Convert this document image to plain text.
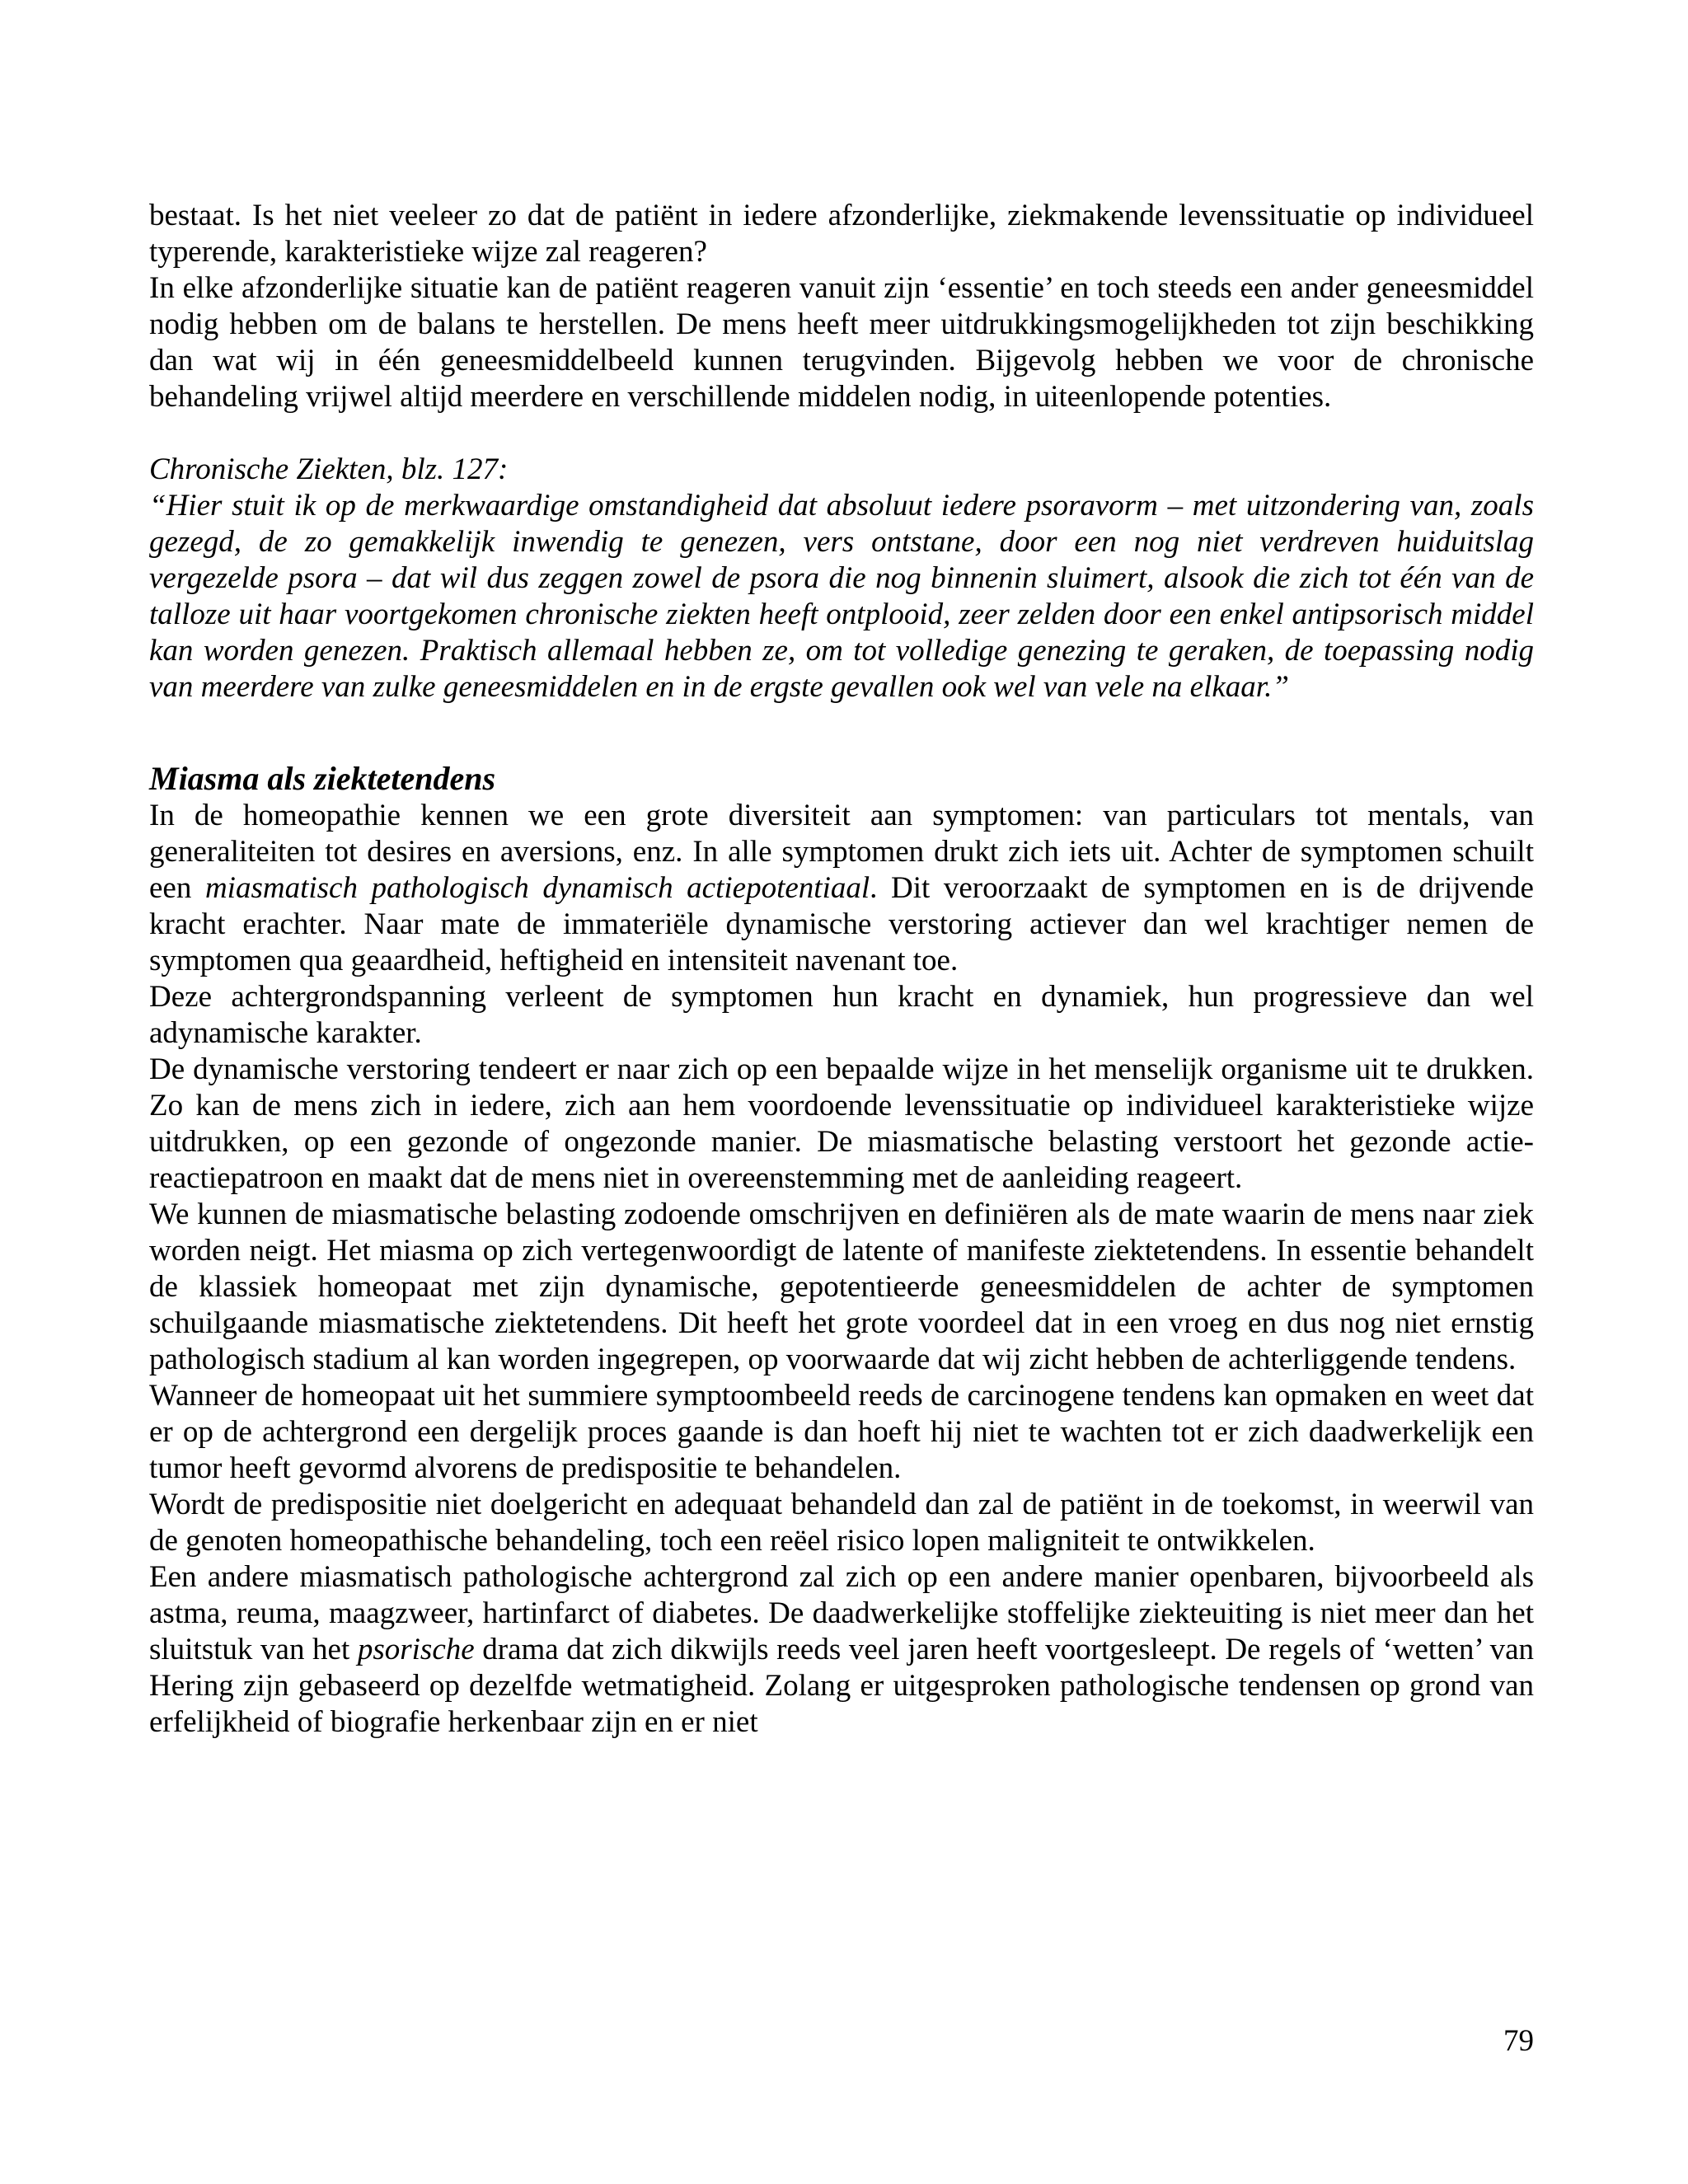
bestaat. Is het niet veeleer zo dat de patiënt in iedere afzonderlijke, ziekmakende levenssituatie op individueel typerende, karakteristieke wijze zal reageren?

In elke afzonderlijke situatie kan de patiënt reageren vanuit zijn ‘essentie’ en toch steeds een ander geneesmiddel nodig hebben om de balans te herstellen. De mens heeft meer uitdrukkingsmogelijkheden tot zijn beschikking dan wat wij in één geneesmiddelbeeld kunnen terugvinden. Bijgevolg hebben we voor de chronische behandeling vrijwel altijd meerdere en verschillende middelen nodig, in uiteenlopende potenties.

Chronische Ziekten, blz. 127:

“Hier stuit ik op de merkwaardige omstandigheid dat absoluut iedere psoravorm – met uitzondering van, zoals gezegd, de zo gemakkelijk inwendig te genezen, vers ontstane, door een nog niet verdreven huiduitslag vergezelde psora – dat wil dus zeggen zowel de psora die nog binnenin sluimert, alsook die zich tot één van de talloze uit haar voortgekomen chronische ziekten heeft ontplooid, zeer zelden door een enkel antipsorisch middel kan worden genezen. Praktisch allemaal hebben ze, om tot volledige genezing te geraken, de toepassing nodig van meerdere van zulke geneesmiddelen en in de ergste gevallen ook wel van vele na elkaar.”

Miasma als ziektetendens

In de homeopathie kennen we een grote diversiteit aan symptomen: van particulars tot mentals, van generaliteiten tot desires en aversions, enz. In alle symptomen drukt zich iets uit. Achter de symptomen schuilt een miasmatisch pathologisch dynamisch actiepotentiaal. Dit veroorzaakt de symptomen en is de drijvende kracht erachter. Naar mate de immateriële dynamische verstoring actiever dan wel krachtiger nemen de symptomen qua geaardheid, heftigheid en intensiteit navenant toe.

Deze achtergrondspanning verleent de symptomen hun kracht en dynamiek, hun progressieve dan wel adynamische karakter.

De dynamische verstoring tendeert er naar zich op een bepaalde wijze in het menselijk organisme uit te drukken. Zo kan de mens zich in iedere, zich aan hem voordoende levenssituatie op individueel karakteristieke wijze uitdrukken, op een gezonde of ongezonde manier. De miasmatische belasting verstoort het gezonde actie-reactiepatroon en maakt dat de mens niet in overeenstemming met de aanleiding reageert.

We kunnen de miasmatische belasting zodoende omschrijven en definiëren als de mate waarin de mens naar ziek worden neigt. Het miasma op zich vertegenwoordigt de latente of manifeste ziektetendens. In essentie behandelt de klassiek homeopaat met zijn dynamische, gepotentieerde geneesmiddelen de achter de symptomen schuilgaande miasmatische ziektetendens. Dit heeft het grote voordeel dat in een vroeg en dus nog niet ernstig pathologisch stadium al kan worden ingegrepen, op voorwaarde dat wij zicht hebben de achterliggende tendens.

Wanneer de homeopaat uit het summiere symptoombeeld reeds de carcinogene tendens kan opmaken en weet dat er op de achtergrond een dergelijk proces gaande is dan hoeft hij niet te wachten tot er zich daadwerkelijk een tumor heeft gevormd alvorens de predispositie te behandelen.

Wordt de predispositie niet doelgericht en adequaat behandeld dan zal de patiënt in de toekomst, in weerwil van de genoten homeopathische behandeling, toch een reëel risico lopen maligniteit te ontwikkelen.

Een andere miasmatisch pathologische achtergrond zal zich op een andere manier openbaren, bijvoorbeeld als astma, reuma, maagzweer, hartinfarct of diabetes. De daadwerkelijke stoffelijke ziekteuiting is niet meer dan het sluitstuk van het psorische drama dat zich dikwijls reeds veel jaren heeft voortgesleept. De regels of ‘wetten’ van Hering zijn gebaseerd op dezelfde wetmatigheid. Zolang er uitgesproken pathologische tendensen op grond van erfelijkheid of biografie herkenbaar zijn en er niet

79
